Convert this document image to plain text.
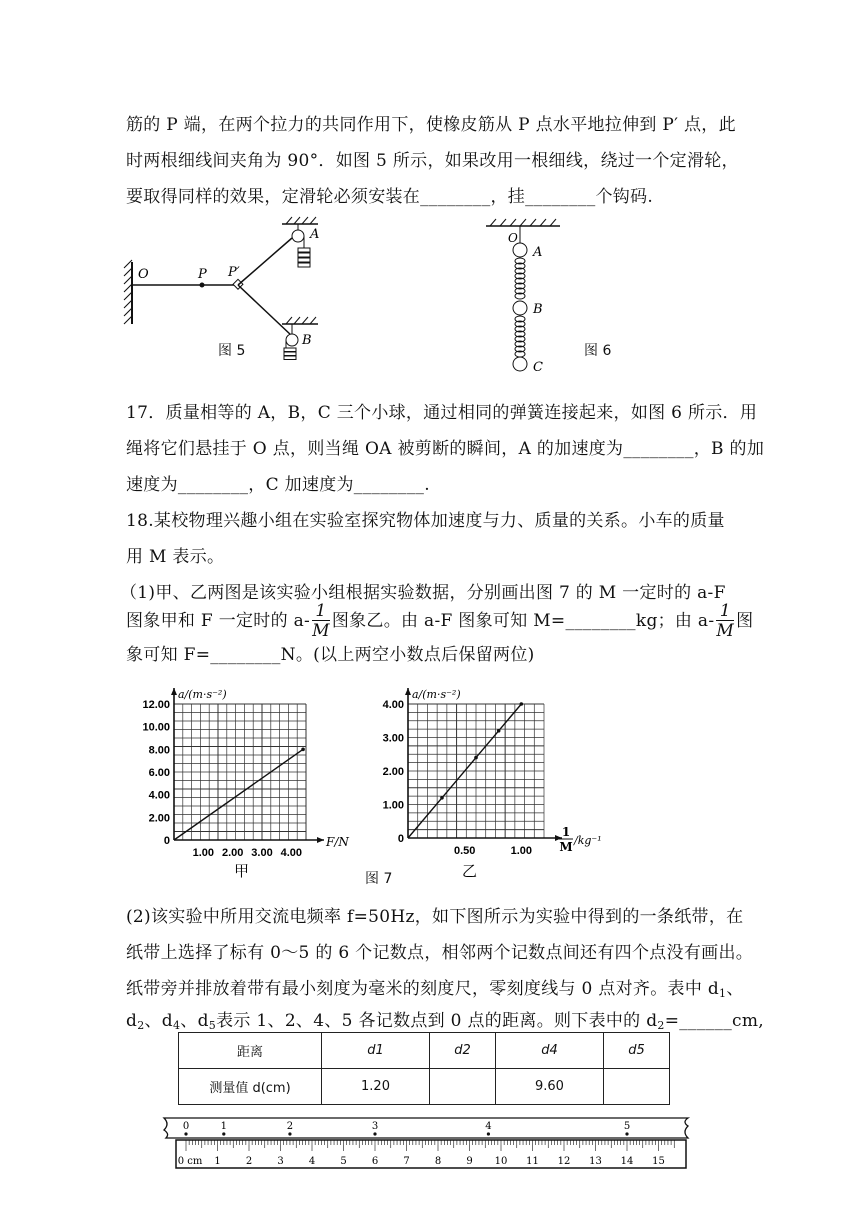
筋的 P 端，在两个拉力的共同作用下，使橡皮筋从 P 点水平地拉伸到 P′ 点，此
时两根细线间夹角为 90°．如图 5 所示，如果改用一根细线，绕过一个定滑轮，
要取得同样的效果，定滑轮必须安装在________，挂________个钩码.
A
B
O	P P′
图 5
O
A
B
C
图 6
17．质量相等的 A，B，C 三个小球，通过相同的弹簧连接起来，如图 6 所示．用
绳将它们悬挂于 O 点，则当绳 OA 被剪断的瞬间，A 的加速度为________，B 的加
速度为________，C 加速度为________.
18.某校物理兴趣小组在实验室探究物体加速度与力、质量的关系。小车的质量
用 M 表示。
（1)甲、乙两图是该实验小组根据实验数据，分别画出图 7 的 M 一定时的 a-F
图象甲和 F 一定时的 $a- \frac{1}{M}$ 图象乙。由 a-F 图象可知 M=________kg；由 $a- \frac{1}{M}$ 图
象可知 F=________N。(以上两空小数点后保留两位)
0
2.00
4.00
6.00
8.00
10.00
12.00
1.00 2.00 3.00 4.00
a/(m·s⁻²)
F/N
甲
0
1.00
2.00
3.00
4.00
0.50	1.00
a/(m·s⁻²)
1
M /kg⁻¹
乙
图 7
(2)该实验中所用交流电频率 f=50Hz，如下图所示为实验中得到的一条纸带，在
纸带上选择了标有 0～5 的 6 个记数点，相邻两个记数点间还有四个点没有画出。
纸带旁并排放着带有最小刻度为毫米的刻度尺，零刻度线与 0 点对齐。表中 $d_1$、
$d_2$、$d_4$、$d_5$表示 1、2、4、5 各记数点到 0 点的距离。则下表中的 $d_2=\_\_\_\_\_\_cm$,
距离	d1	d2	d4	d5
测量值 d(cm)	1.20		9.60	
0	1	2	3	4	5
0 cm 1	2	3	4	5	6	7	8	9 10 11 12 13 14 15
